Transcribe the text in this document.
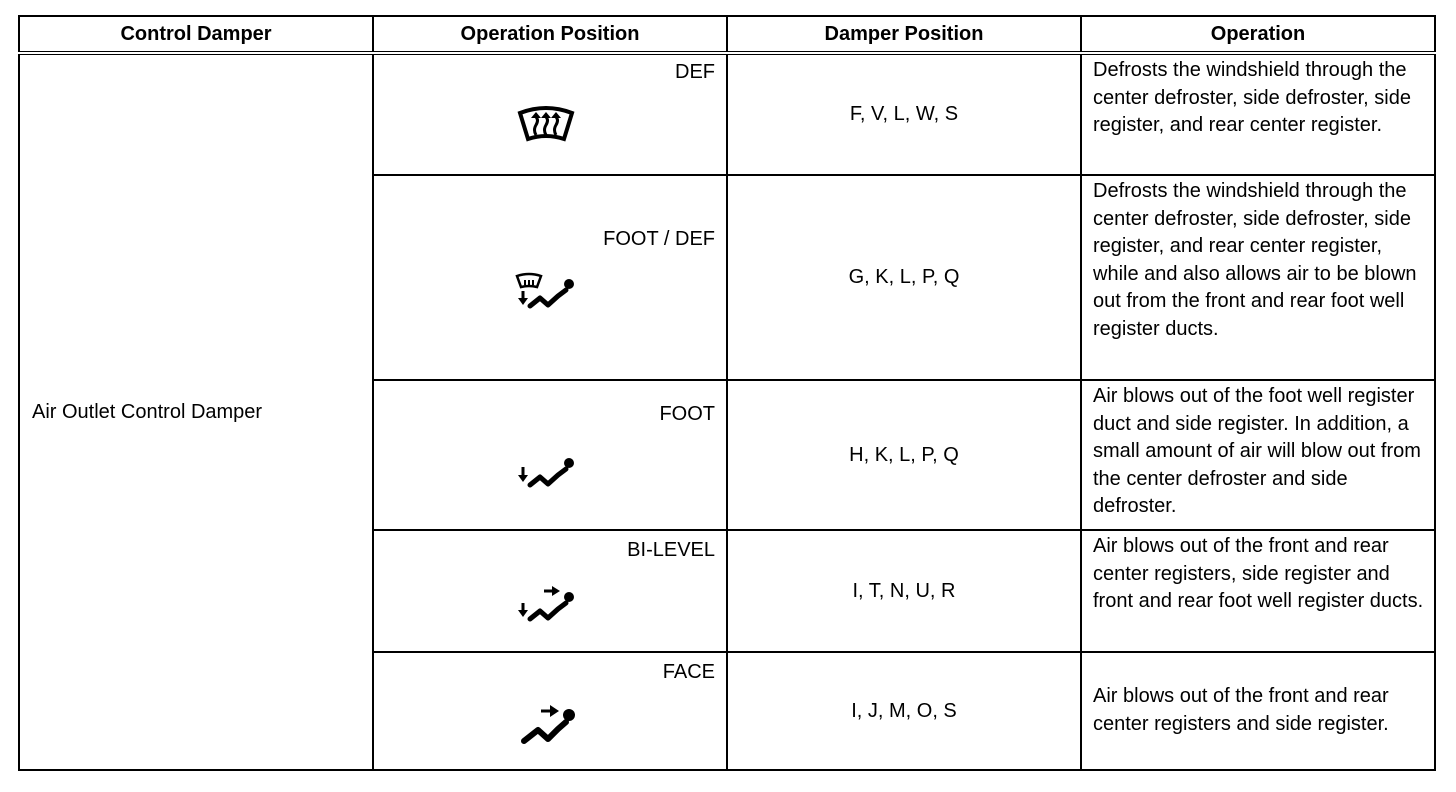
Control Damper	Operation Position	Damper Position	Operation
Air Outlet Control Damper	DEF	F, V, L, W, S	Defrosts the windshield through the center defroster, side defroster, side register, and rear center register.

	FOOT / DEF	G, K, L, P, Q	Defrosts the windshield through the center defroster, side defroster, side register, and rear center register, while and also allows air to be blown out from the front and rear foot well register ducts.

	FOOT	H, K, L, P, Q	Air blows out of the foot well register duct and side register. In addition, a small amount of air will blow out from the center defroster and side defroster.

	BI-LEVEL	I, T, N, U, R	Air blows out of the front and rear center registers, side register and front and rear foot well register ducts.

	FACE	I, J, M, O, S	Air blows out of the front and rear center registers and side register.
